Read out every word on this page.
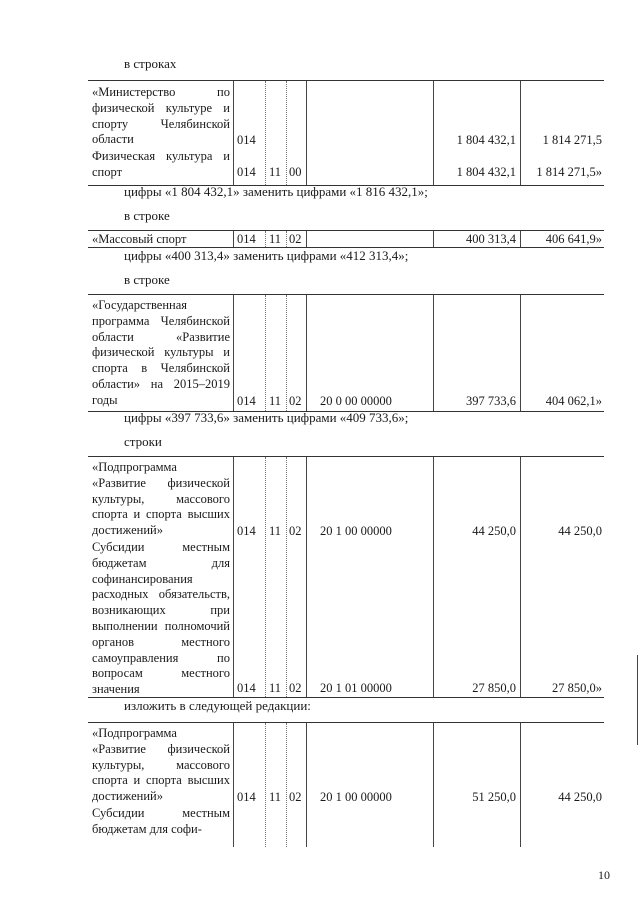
в строках
«Министерство по физической культуре и спорту Челябинской области	014	1 804 432,1 1 814 271,5
Физическая культура и спорт	014 11 00	1 804 432,1 1 814 271,5»
цифры «1 804 432,1» заменить цифрами «1 816 432,1»;
в строке
«Массовый спорт	014 11 02	400 313,4 406 641,9»
цифры «400 313,4» заменить цифрами «412 313,4»;
в строке
«Государственная программа Челябинской области «Развитие физической культуры и спорта в Челябинской области» на 2015–2019 годы	014 11 02 20 0 00 00000	397 733,6 404 062,1»
цифры «397 733,6» заменить цифрами «409 733,6»;
строки
«Подпрограмма «Развитие физической культуры, массового спорта и спорта высших достижений»	014 11 02 20 1 00 00000	44 250,0	44 250,0
Субсидии местным бюджетам для софинансирования расходных обязательств, возникающих при выполнении полномочий органов местного самоуправления по вопросам местного значения	014 11 02 20 1 01 00000	27 850,0	27 850,0»
изложить в следующей редакции:
«Подпрограмма «Развитие физической культуры, массового спорта и спорта высших достижений»	014 11 02 20 1 00 00000	51 250,0	44 250,0
Субсидии местным бюджетам для софи-
10
